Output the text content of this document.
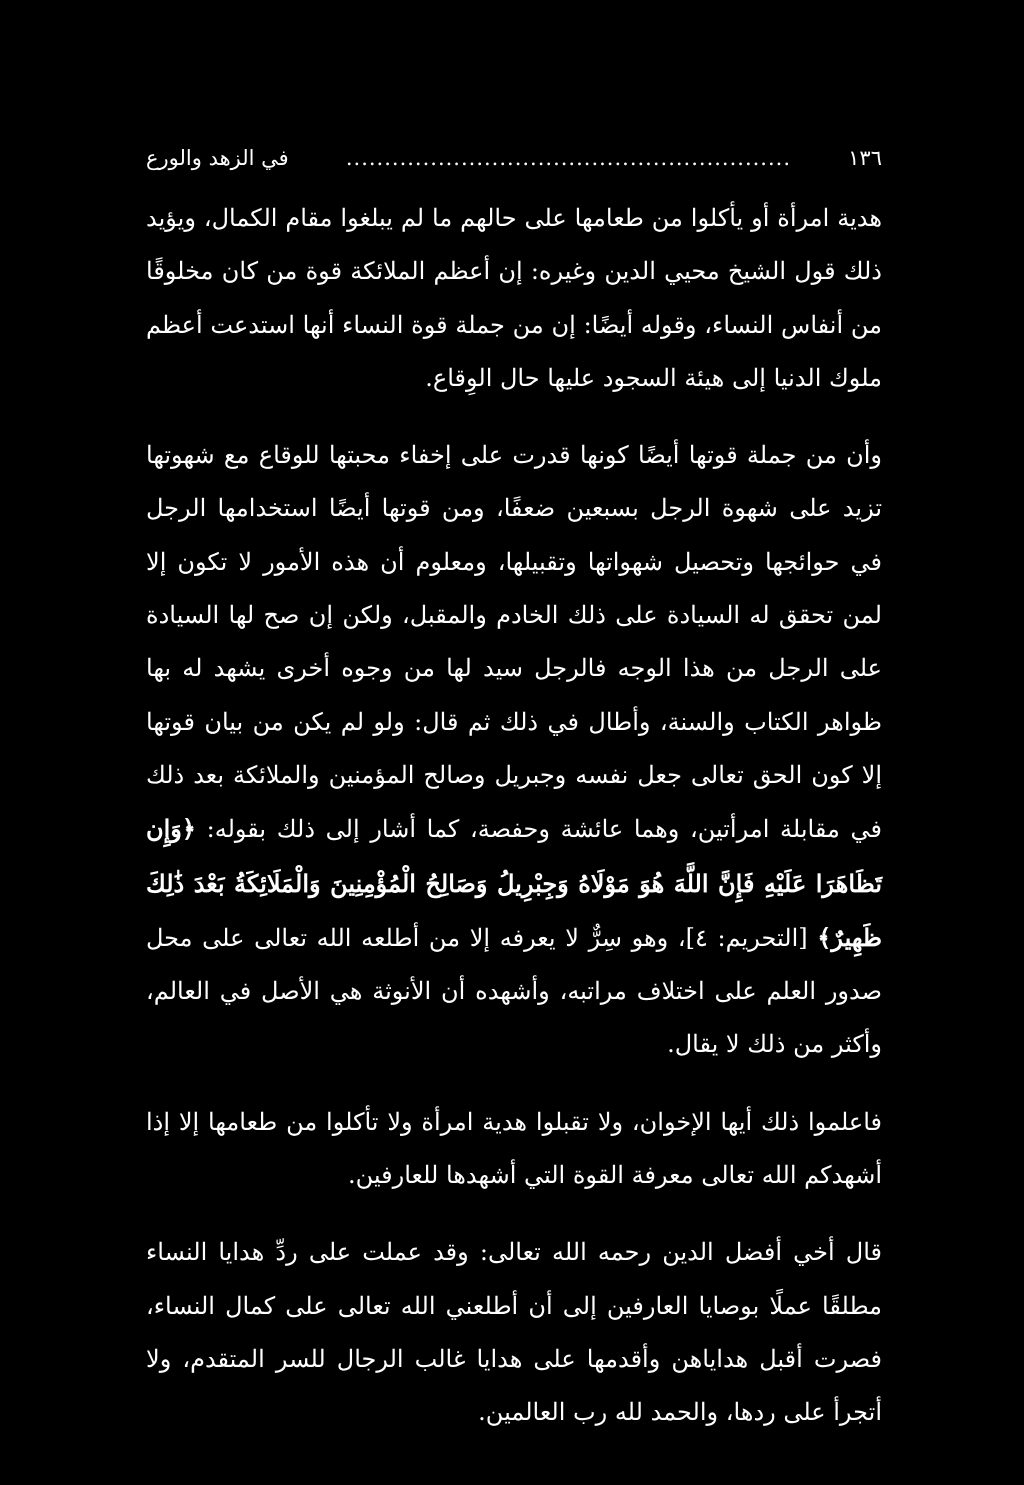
١٣٦
..........................................................
في الزهد والورع

هدية امرأة أو يأكلوا من طعامها على حالهم ما لم يبلغوا مقام الكمال، ويؤيد ذلك قول الشيخ محيي الدين وغيره: إن أعظم الملائكة قوة من كان مخلوقًا من أنفاس النساء، وقوله أيضًا: إن من جملة قوة النساء أنها استدعت أعظم ملوك الدنيا إلى هيئة السجود عليها حال الوِقاع.

وأن من جملة قوتها أيضًا كونها قدرت على إخفاء محبتها للوقاع مع شهوتها تزيد على شهوة الرجل بسبعين ضعفًا، ومن قوتها أيضًا استخدامها الرجل في حوائجها وتحصيل شهواتها وتقبيلها، ومعلوم أن هذه الأمور لا تكون إلا لمن تحقق له السيادة على ذلك الخادم والمقبل، ولكن إن صح لها السيادة على الرجل من هذا الوجه فالرجل سيد لها من وجوه أخرى يشهد له بها ظواهر الكتاب والسنة، وأطال في ذلك ثم قال: ولو لم يكن من بيان قوتها إلا كون الحق تعالى جعل نفسه وجبريل وصالح المؤمنين والملائكة بعد ذلك في مقابلة امرأتين، وهما عائشة وحفصة، كما أشار إلى ذلك بقوله: ﴿وَإِن تَظَاهَرَا عَلَيْهِ فَإِنَّ اللَّهَ هُوَ مَوْلَاهُ وَجِبْرِيلُ وَصَالِحُ الْمُؤْمِنِينَ وَالْمَلَائِكَةُ بَعْدَ ذَٰلِكَ ظَهِيرٌ﴾ [التحريم: ٤]، وهو سِرٌّ لا يعرفه إلا من أطلعه الله تعالى على محل صدور العلم على اختلاف مراتبه، وأشهده أن الأنوثة هي الأصل في العالم، وأكثر من ذلك لا يقال.

فاعلموا ذلك أيها الإخوان، ولا تقبلوا هدية امرأة ولا تأكلوا من طعامها إلا إذا أشهدكم الله تعالى معرفة القوة التي أشهدها للعارفين.

قال أخي أفضل الدين رحمه الله تعالى: وقد عملت على ردِّ هدايا النساء مطلقًا عملًا بوصايا العارفين إلى أن أطلعني الله تعالى على كمال النساء، فصرت أقبل هداياهن وأقدمها على هدايا غالب الرجال للسر المتقدم، ولا أتجرأ على ردها، والحمد لله رب العالمين.
